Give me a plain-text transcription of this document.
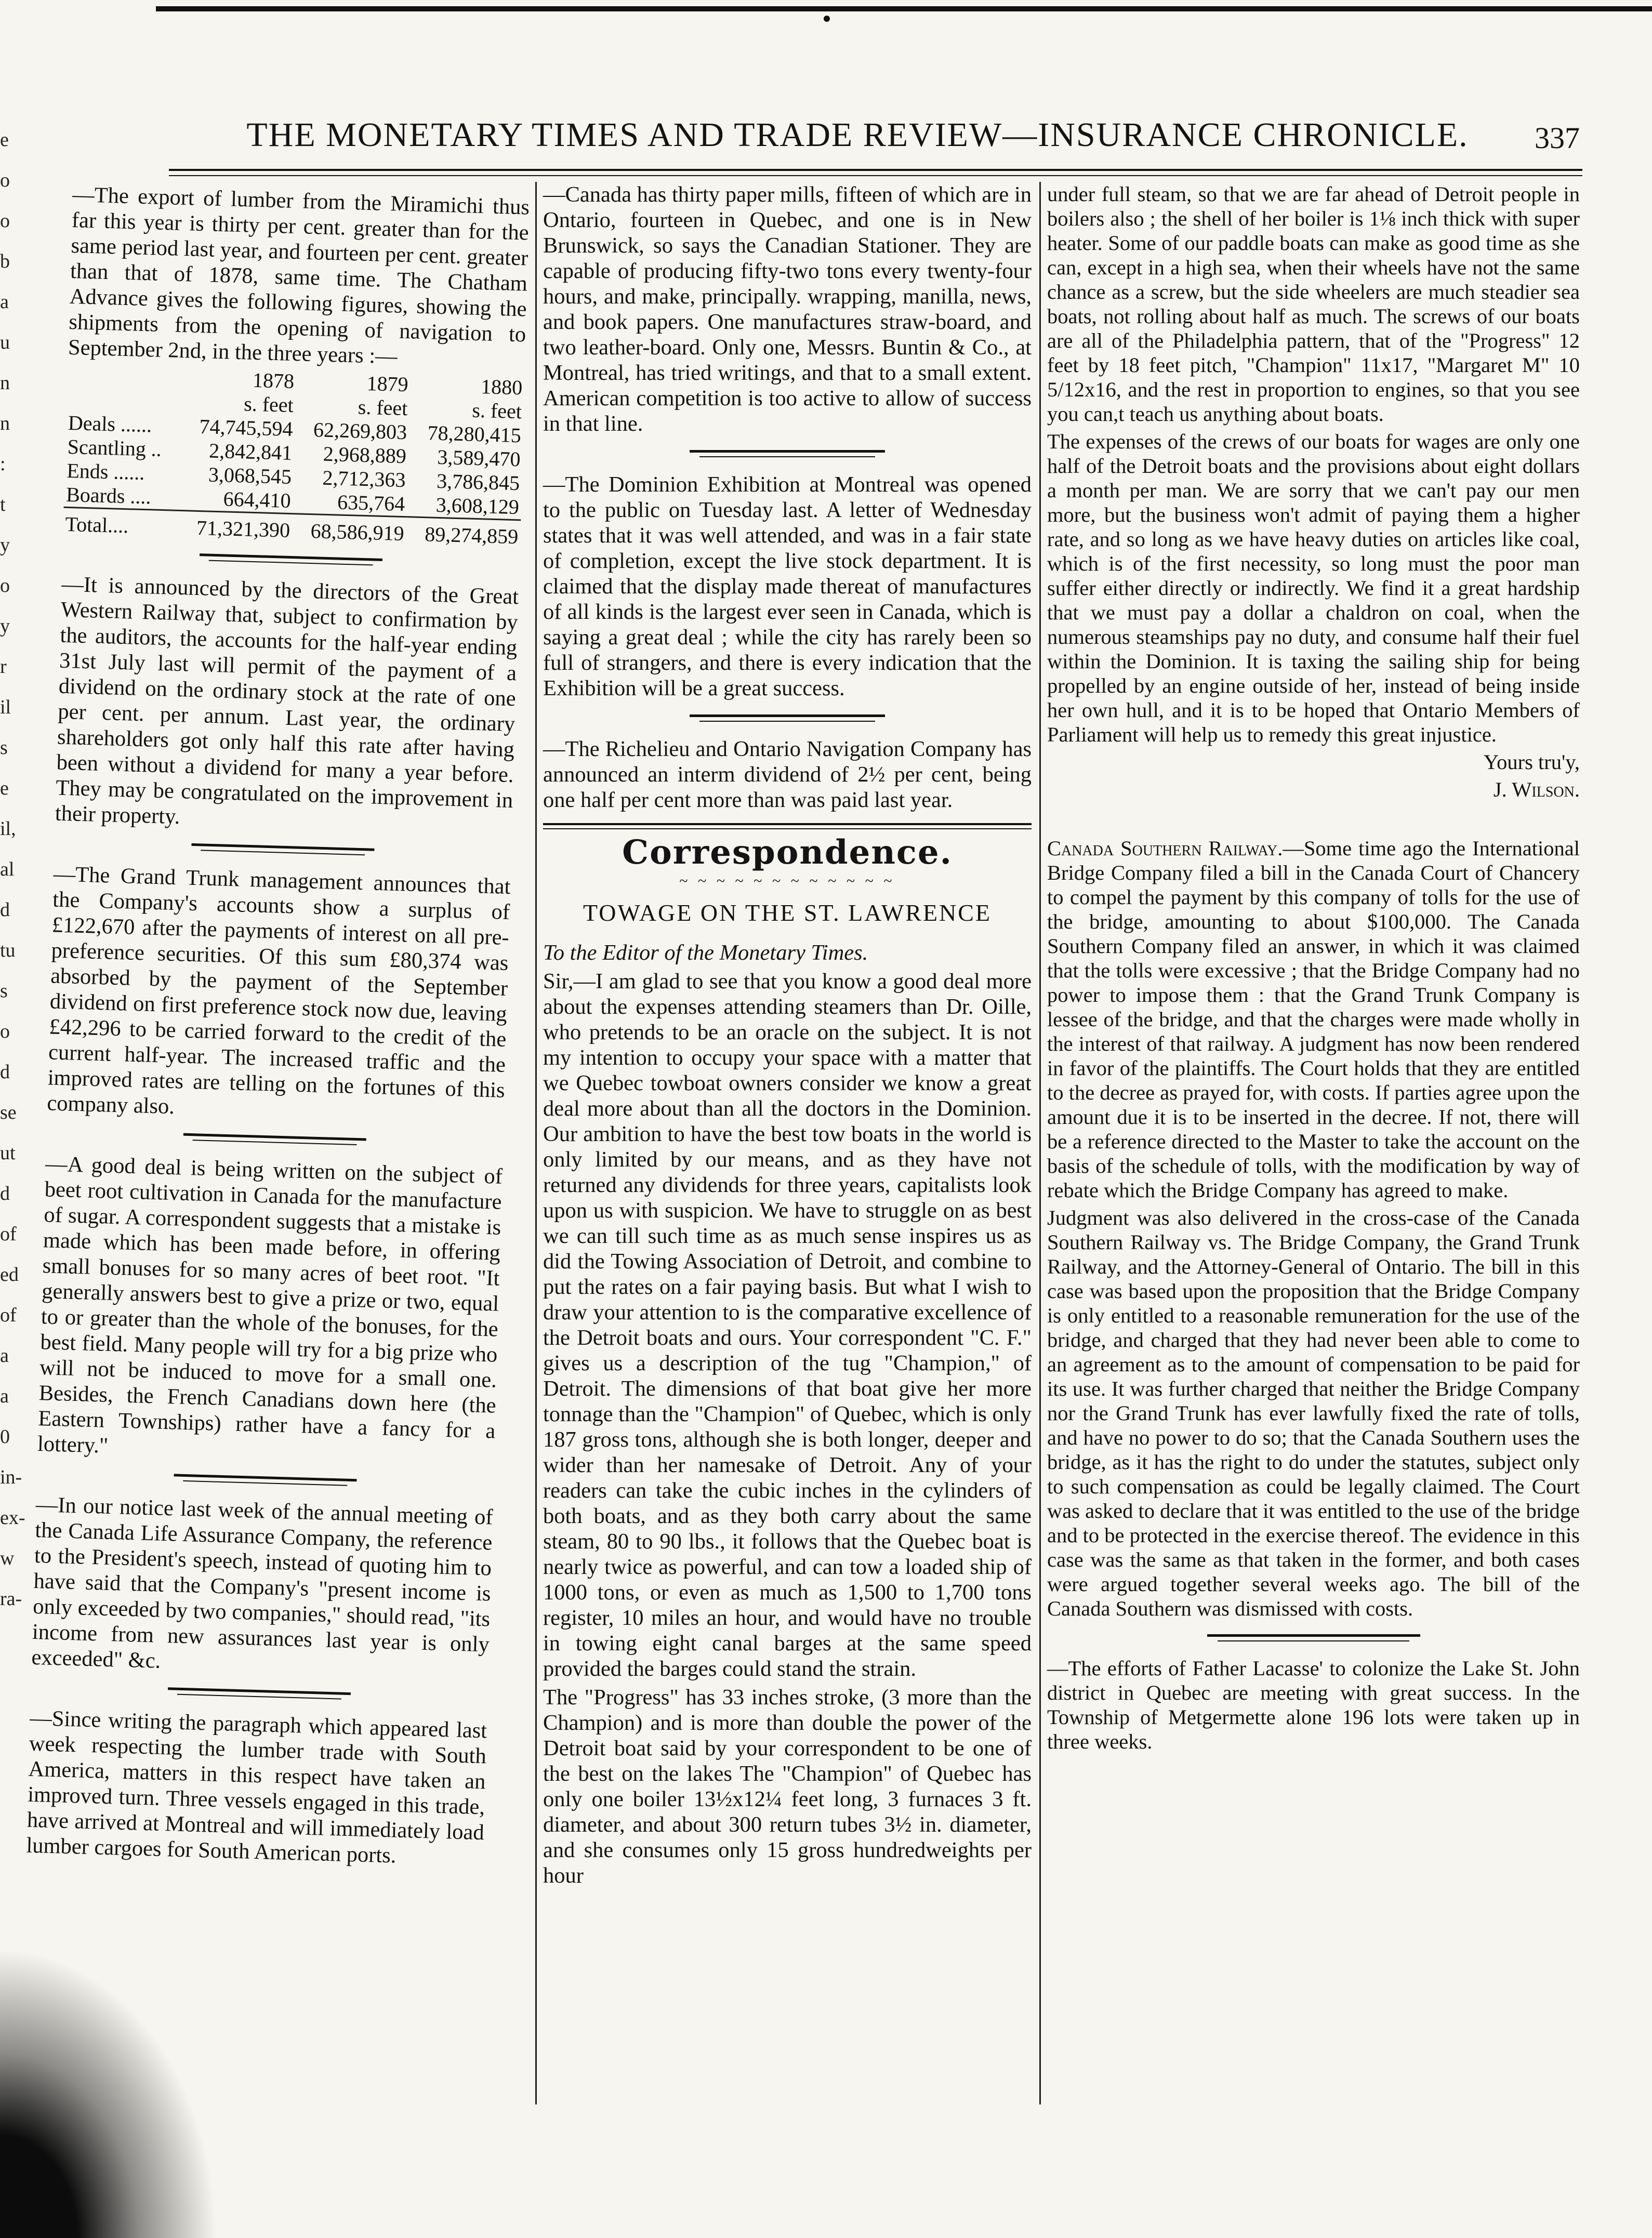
e
o
o
b
a
u
n
n
:
t
y
o
y
r
il
s
e
il,
al
d
tu
s
o
d
se
ut
d
of
ed
of
a
a
0
in-
ex-
w
ra-
THE MONETARY TIMES AND TRADE REVIEW—INSURANCE CHRONICLE.	337

—The export of lumber from the Miramichi thus far this year is thirty per cent. greater than for the same period last year, and fourteen per cent. greater than that of 1878, same time. The Chatham Advance gives the following figures, showing the shipments from the opening of navigation to September 2nd, in the three years :—

	1878	1879	1880
	s. feet	s. feet	s. feet
Deals ......	74,745,594	62,269,803	78,280,415
Scantling ..	2,842,841	2,968,889	3,589,470
Ends ......	3,068,545	2,712,363	3,786,845
Boards ....	664,410	635,764	3,608,129
Total....	71,321,390	68,586,919	89,274,859

—It is announced by the directors of the Great Western Railway that, subject to confirmation by the auditors, the accounts for the half-year ending 31st July last will permit of the payment of a dividend on the ordinary stock at the rate of one per cent. per annum. Last year, the ordinary shareholders got only half this rate after having been without a dividend for many a year before. They may be congratulated on the improvement in their property.

—The Grand Trunk management announces that the Company's accounts show a surplus of £122,670 after the payments of interest on all pre-preference securities. Of this sum £80,374 was absorbed by the payment of the September dividend on first preference stock now due, leaving £42,296 to be carried forward to the credit of the current half-year. The increased traffic and the improved rates are telling on the fortunes of this company also.

—A good deal is being written on the subject of beet root cultivation in Canada for the manufacture of sugar. A correspondent suggests that a mistake is made which has been made before, in offering small bonuses for so many acres of beet root. "It generally answers best to give a prize or two, equal to or greater than the whole of the bonuses, for the best field. Many people will try for a big prize who will not be induced to move for a small one. Besides, the French Canadians down here (the Eastern Townships) rather have a fancy for a lottery."

—In our notice last week of the annual meeting of the Canada Life Assurance Company, the reference to the President's speech, instead of quoting him to have said that the Company's "present income is only exceeded by two companies," should read, "its income from new assurances last year is only exceeded" &c.

—Since writing the paragraph which appeared last week respecting the lumber trade with South America, matters in this respect have taken an improved turn. Three vessels engaged in this trade, have arrived at Montreal and will immediately load lumber cargoes for South American ports.

—Canada has thirty paper mills, fifteen of which are in Ontario, fourteen in Quebec, and one is in New Brunswick, so says the Canadian Stationer. They are capable of producing fifty-two tons every twenty-four hours, and make, principally. wrapping, manilla, news, and book papers. One manufactures straw-board, and two leather-board. Only one, Messrs. Buntin & Co., at Montreal, has tried writings, and that to a small extent. American competition is too active to allow of success in that line.

—The Dominion Exhibition at Montreal was opened to the public on Tuesday last. A letter of Wednesday states that it was well attended, and was in a fair state of completion, except the live stock department. It is claimed that the display made thereat of manufactures of all kinds is the largest ever seen in Canada, which is saying a great deal ; while the city has rarely been so full of strangers, and there is every indication that the Exhibition will be a great success.

—The Richelieu and Ontario Navigation Company has announced an interm dividend of 2½ per cent, being one half per cent more than was paid last year.

Correspondence.
~ ~ ~ ~ ~ ~ ~ ~ ~ ~ ~ ~
TOWAGE ON THE ST. LAWRENCE

To the Editor of the Monetary Times.

Sir,—I am glad to see that you know a good deal more about the expenses attending steamers than Dr. Oille, who pretends to be an oracle on the subject. It is not my intention to occupy your space with a matter that we Quebec towboat owners consider we know a great deal more about than all the doctors in the Dominion. Our ambition to have the best tow boats in the world is only limited by our means, and as they have not returned any dividends for three years, capitalists look upon us with suspicion. We have to struggle on as best we can till such time as as much sense inspires us as did the Towing Association of Detroit, and combine to put the rates on a fair paying basis. But what I wish to draw your attention to is the comparative excellence of the Detroit boats and ours. Your correspondent "C. F." gives us a description of the tug "Champion," of Detroit. The dimensions of that boat give her more tonnage than the "Champion" of Quebec, which is only 187 gross tons, although she is both longer, deeper and wider than her namesake of Detroit. Any of your readers can take the cubic inches in the cylinders of both boats, and as they both carry about the same steam, 80 to 90 lbs., it follows that the Quebec boat is nearly twice as powerful, and can tow a loaded ship of 1000 tons, or even as much as 1,500 to 1,700 tons register, 10 miles an hour, and would have no trouble in towing eight canal barges at the same speed provided the barges could stand the strain.

The "Progress" has 33 inches stroke, (3 more than the Champion) and is more than double the power of the Detroit boat said by your correspondent to be one of the best on the lakes The "Champion" of Quebec has only one boiler 13½x12¼ feet long, 3 furnaces 3 ft. diameter, and about 300 return tubes 3½ in. diameter, and she consumes only 15 gross hundredweights per hour

under full steam, so that we are far ahead of Detroit people in boilers also ; the shell of her boiler is 1⅛ inch thick with super heater. Some of our paddle boats can make as good time as she can, except in a high sea, when their wheels have not the same chance as a screw, but the side wheelers are much steadier sea boats, not rolling about half as much. The screws of our boats are all of the Philadelphia pattern, that of the "Progress" 12 feet by 18 feet pitch, "Champion" 11x17, "Margaret M" 10 5/12x16, and the rest in proportion to engines, so that you see you can,t teach us anything about boats.

The expenses of the crews of our boats for wages are only one half of the Detroit boats and the provisions about eight dollars a month per man. We are sorry that we can't pay our men more, but the business won't admit of paying them a higher rate, and so long as we have heavy duties on articles like coal, which is of the first necessity, so long must the poor man suffer either directly or indirectly. We find it a great hardship that we must pay a dollar a chaldron on coal, when the numerous steamships pay no duty, and consume half their fuel within the Dominion. It is taxing the sailing ship for being propelled by an engine outside of her, instead of being inside her own hull, and it is to be hoped that Ontario Members of Parliament will help us to remedy this great injustice.

Yours tru'y,

J. Wilson.

Canada Southern Railway.—Some time ago the International Bridge Company filed a bill in the Canada Court of Chancery to compel the payment by this company of tolls for the use of the bridge, amounting to about $100,000. The Canada Southern Company filed an answer, in which it was claimed that the tolls were excessive ; that the Bridge Company had no power to impose them : that the Grand Trunk Company is lessee of the bridge, and that the charges were made wholly in the interest of that railway. A judgment has now been rendered in favor of the plaintiffs. The Court holds that they are entitled to the decree as prayed for, with costs. If parties agree upon the amount due it is to be inserted in the decree. If not, there will be a reference directed to the Master to take the account on the basis of the schedule of tolls, with the modification by way of rebate which the Bridge Company has agreed to make.

Judgment was also delivered in the cross-case of the Canada Southern Railway vs. The Bridge Company, the Grand Trunk Railway, and the Attorney-General of Ontario. The bill in this case was based upon the proposition that the Bridge Company is only entitled to a reasonable remuneration for the use of the bridge, and charged that they had never been able to come to an agreement as to the amount of compensation to be paid for its use. It was further charged that neither the Bridge Company nor the Grand Trunk has ever lawfully fixed the rate of tolls, and have no power to do so; that the Canada Southern uses the bridge, as it has the right to do under the statutes, subject only to such compensation as could be legally claimed. The Court was asked to declare that it was entitled to the use of the bridge and to be protected in the exercise thereof. The evidence in this case was the same as that taken in the former, and both cases were argued together several weeks ago. The bill of the Canada Southern was dismissed with costs.

—The efforts of Father Lacasse' to colonize the Lake St. John district in Quebec are meeting with great success. In the Township of Metgermette alone 196 lots were taken up in three weeks.
